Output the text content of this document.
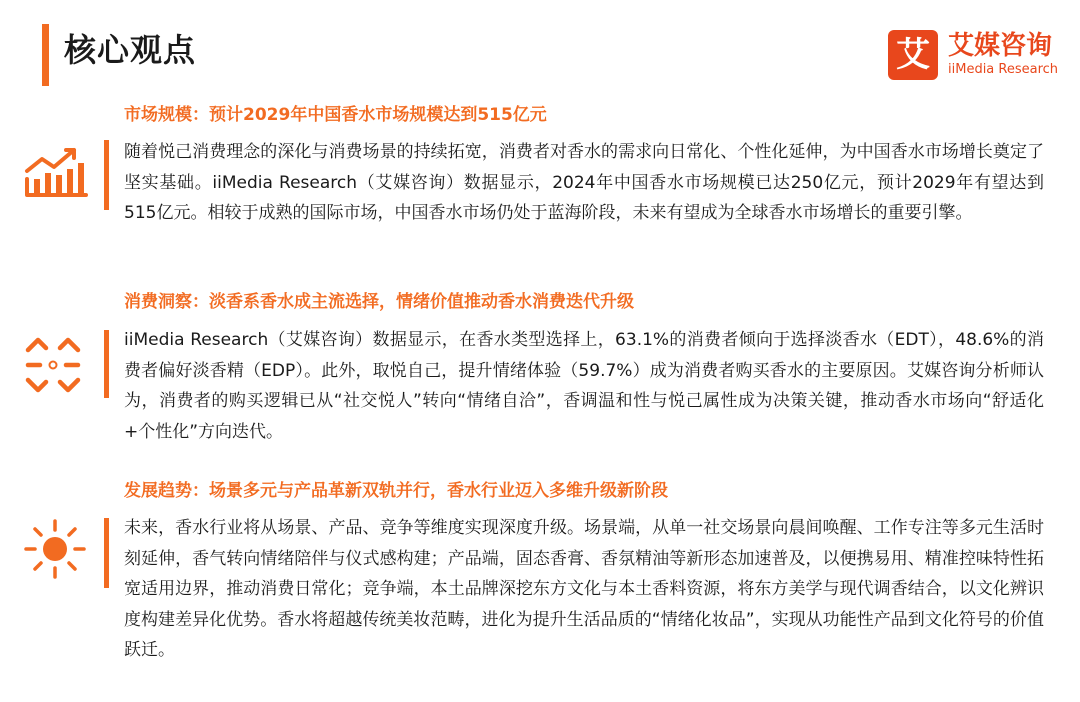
核心观点	艾 艾媒咨询
iiMedia Research
市场规模：预计2029年中国香水市场规模达到515亿元
随着悦己消费理念的深化与消费场景的持续拓宽，消费者对香水的需求向日常化、个性化延伸，为中国香水市场增长奠定了坚实基础。iiMedia Research（艾媒咨询）数据显示，2024年中国香水市场规模已达250亿元，预计2029年有望达到515亿元。相较于成熟的国际市场，中国香水市场仍处于蓝海阶段，未来有望成为全球香水市场增长的重要引擎。
消费洞察：淡香系香水成主流选择，情绪价值推动香水消费迭代升级
iiMedia Research（艾媒咨询）数据显示，在香水类型选择上，63.1%的消费者倾向于选择淡香水（EDT），48.6%的消费者偏好淡香精（EDP）。此外，取悦自己，提升情绪体验（59.7%）成为消费者购买香水的主要原因。艾媒咨询分析师认为，消费者的购买逻辑已从“社交悦人”转向“情绪自洽”，香调温和性与悦己属性成为决策关键，推动香水市场向“舒适化+个性化”方向迭代。
发展趋势：场景多元与产品革新双轨并行，香水行业迈入多维升级新阶段
未来，香水行业将从场景、产品、竞争等维度实现深度升级。场景端，从单一社交场景向晨间唤醒、工作专注等多元生活时刻延伸，香气转向情绪陪伴与仪式感构建；产品端，固态香膏、香氛精油等新形态加速普及，以便携易用、精准控味特性拓宽适用边界，推动消费日常化；竞争端，本土品牌深挖东方文化与本土香料资源，将东方美学与现代调香结合，以文化辨识度构建差异化优势。香水将超越传统美妆范畴，进化为提升生活品质的“情绪化妆品”，实现从功能性产品到文化符号的价值跃迁。
